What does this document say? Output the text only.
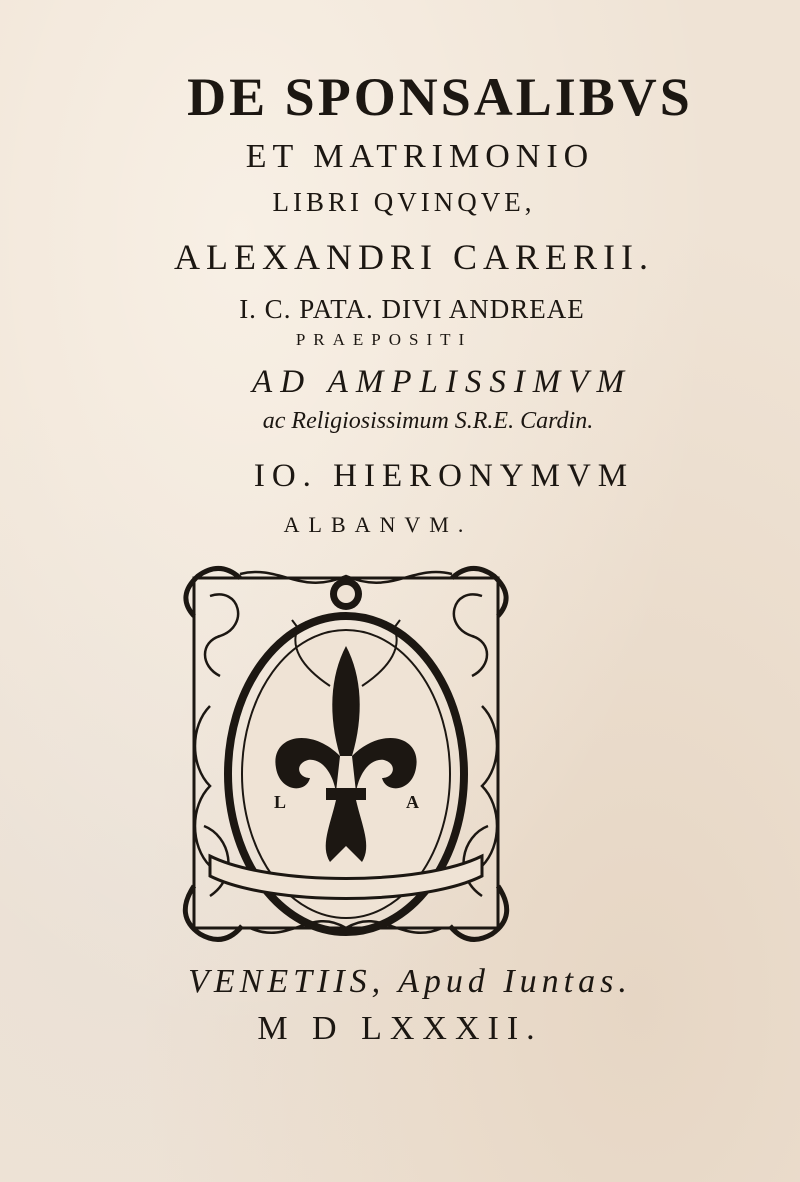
DE SPONSALIBVS
ET MATRIMONIO
LIBRI QVINQVE,
ALEXANDRI CARERII.
I. C. PATA. DIVI ANDREAE
PRAEPOSITI
AD AMPLISSIMVM
ac Religiosissimum S.R.E. Cardin.
IO. HIERONYMVM
ALBANVM.
L	A
VENETIIS, Apud Iuntas.
M D LXXXII.
